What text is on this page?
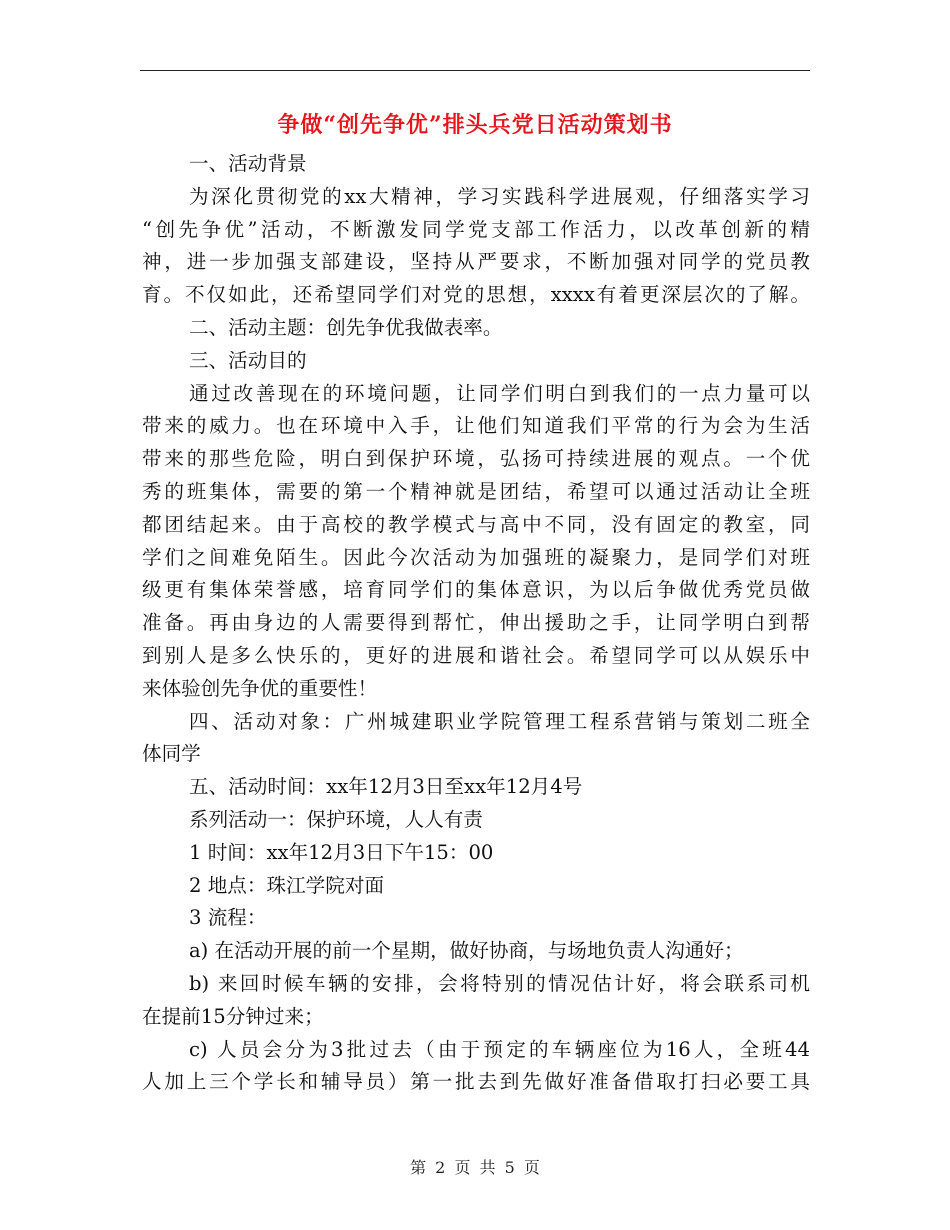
争做“创先争优”排头兵党日活动策划书
一、活动背景
为深化贯彻党的xx大精神，学习实践科学进展观，仔细落实学习
“创先争优”活动，不断激发同学党支部工作活力，以改革创新的精
神，进一步加强支部建设，坚持从严要求，不断加强对同学的党员教
育。不仅如此，还希望同学们对党的思想，xxxx有着更深层次的了解。
二、活动主题：创先争优我做表率。
三、活动目的
通过改善现在的环境问题，让同学们明白到我们的一点力量可以
带来的威力。也在环境中入手，让他们知道我们平常的行为会为生活
带来的那些危险，明白到保护环境，弘扬可持续进展的观点。一个优
秀的班集体，需要的第一个精神就是团结，希望可以通过活动让全班
都团结起来。由于高校的教学模式与高中不同，没有固定的教室，同
学们之间难免陌生。因此今次活动为加强班的凝聚力，是同学们对班
级更有集体荣誉感，培育同学们的集体意识，为以后争做优秀党员做
准备。再由身边的人需要得到帮忙，伸出援助之手，让同学明白到帮
到别人是多么快乐的，更好的进展和谐社会。希望同学可以从娱乐中
来体验创先争优的重要性！
四、活动对象：广州城建职业学院管理工程系营销与策划二班全
体同学
五、活动时间：xx年12月3日至xx年12月4号
系列活动一：保护环境，人人有责
1 时间：xx年12月3日下午15：00
2 地点：珠江学院对面
3 流程：
a) 在活动开展的前一个星期，做好协商，与场地负责人沟通好；
b) 来回时候车辆的安排，会将特别的情况估计好，将会联系司机
在提前15分钟过来；
c) 人员会分为3批过去（由于预定的车辆座位为16人，全班44
人加上三个学长和辅导员）第一批去到先做好准备借取打扫必要工具
第 2 页 共 5 页
